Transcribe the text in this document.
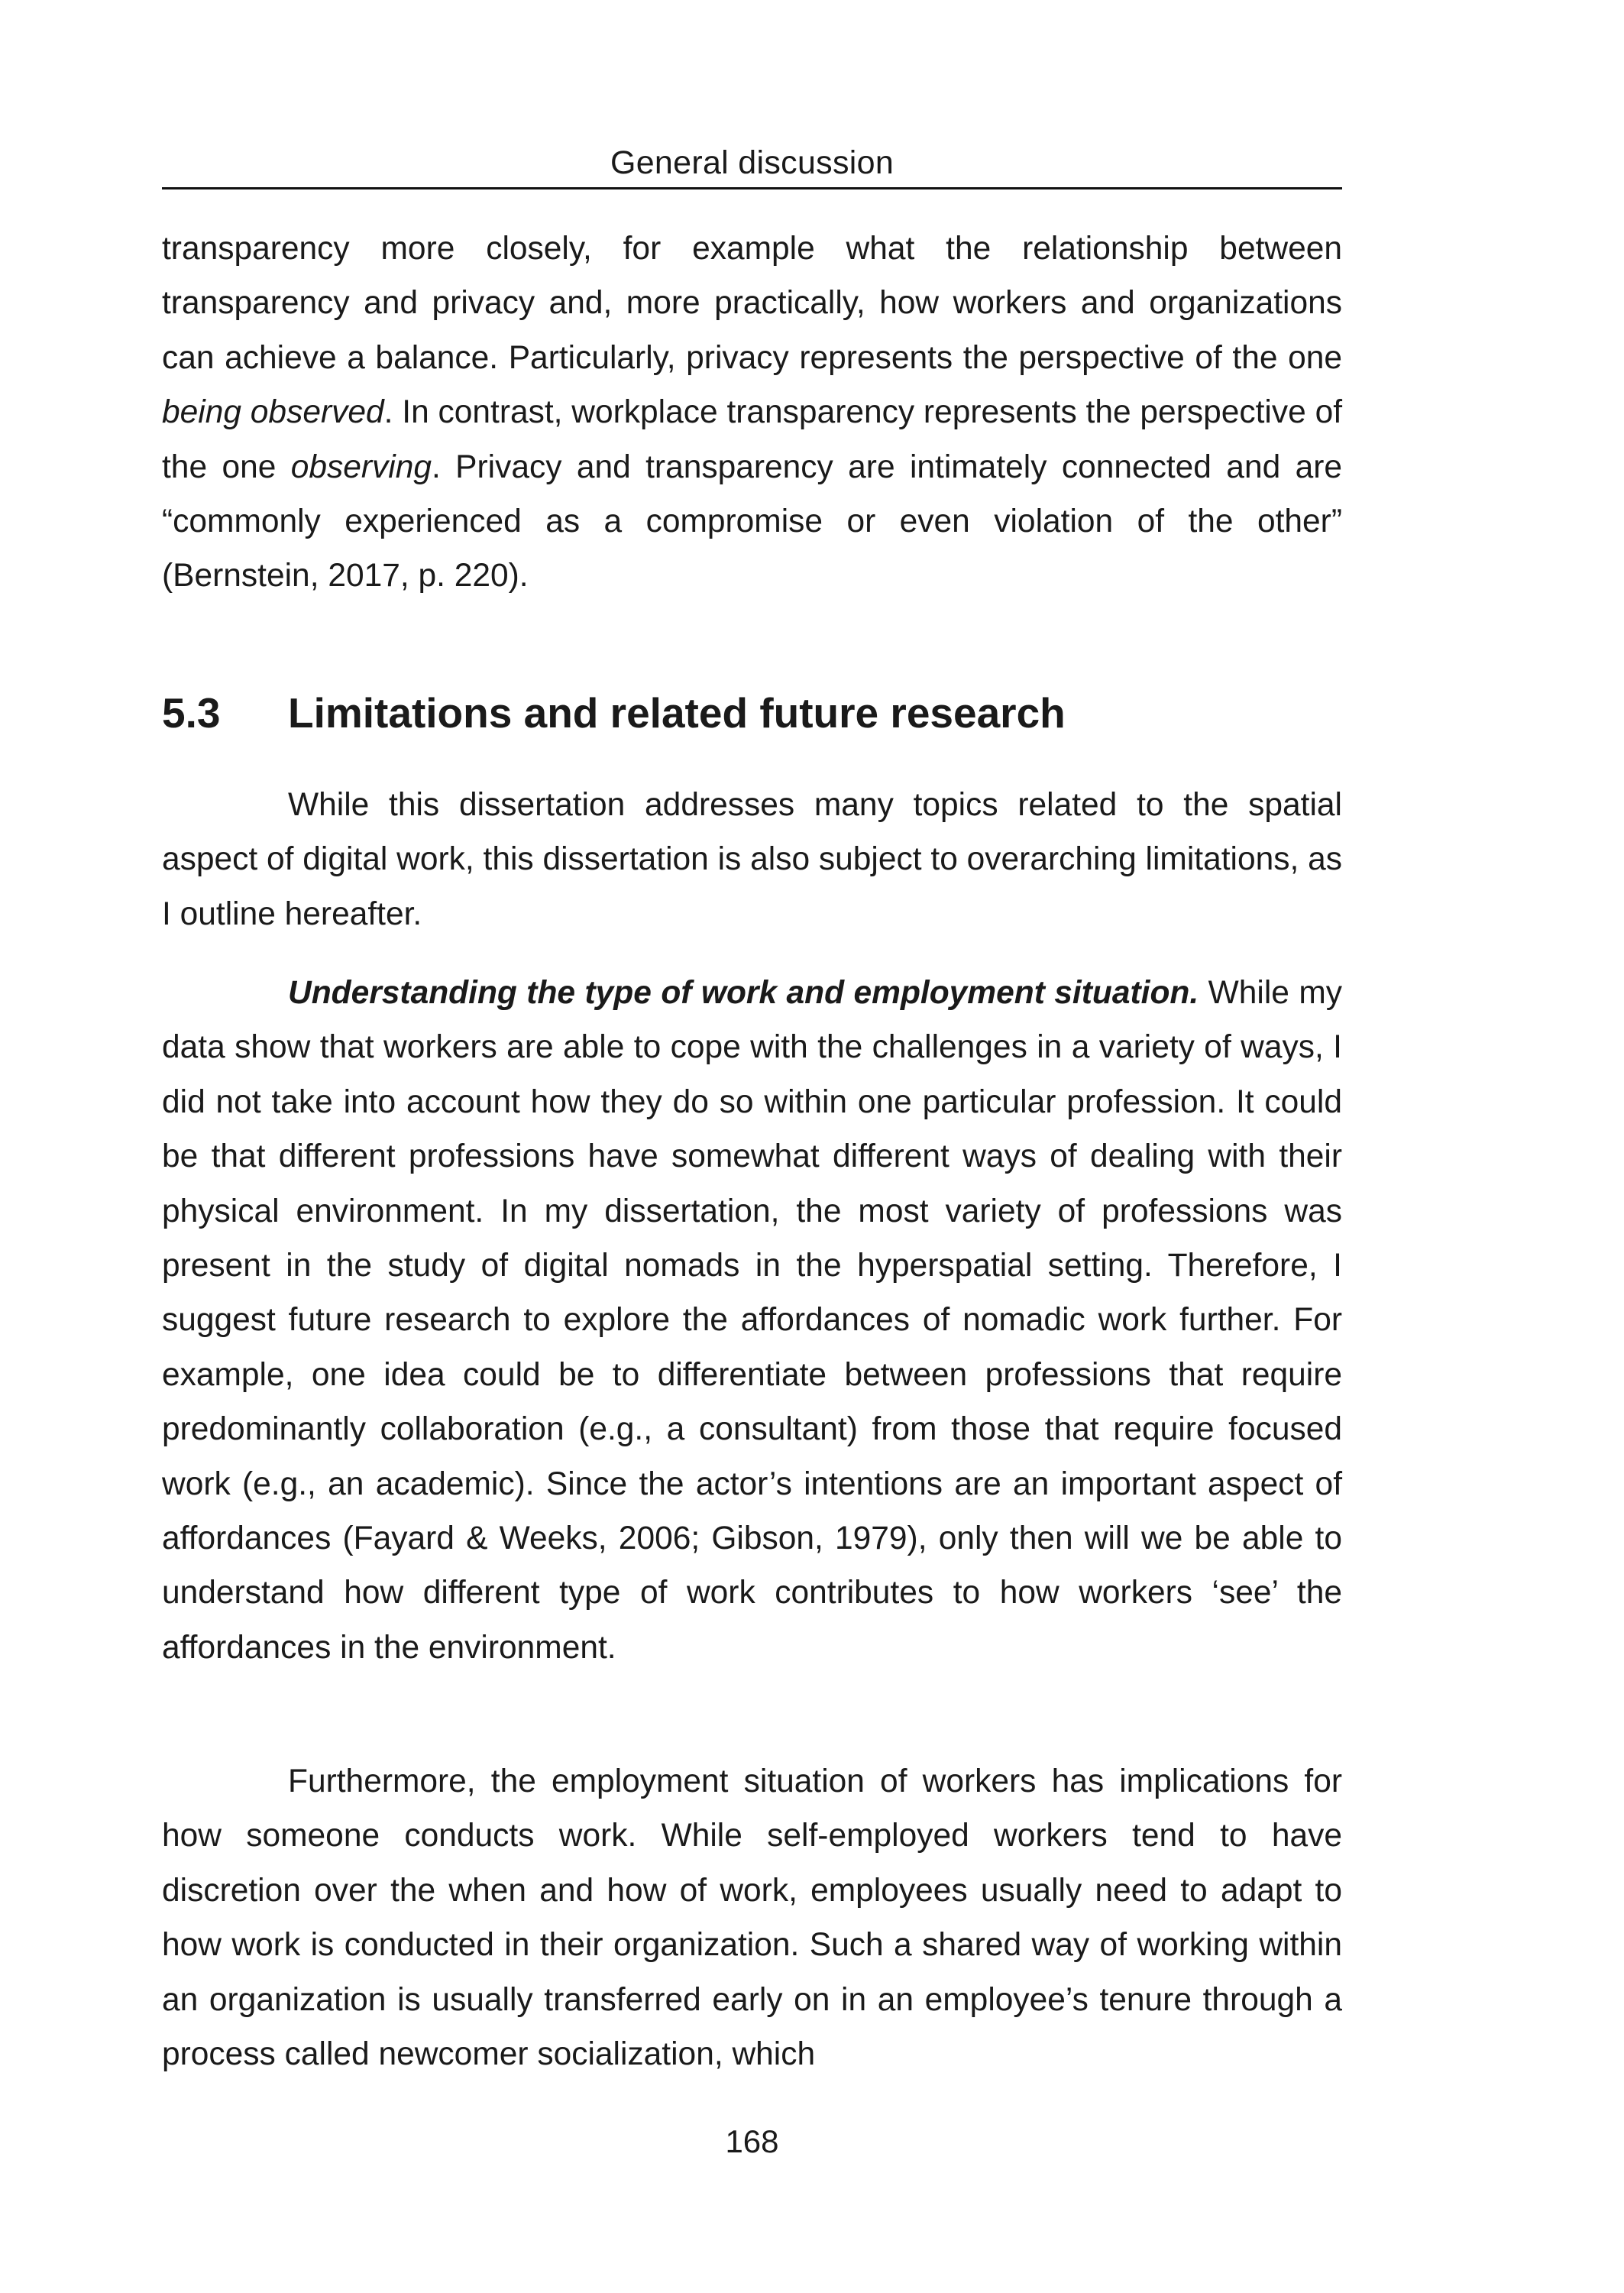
General discussion

transparency more closely, for example what the relationship between transparency and privacy and, more practically, how workers and organizations can achieve a balance. Particularly, privacy represents the perspective of the one being observed. In contrast, workplace transparency represents the perspective of the one observing. Privacy and transparency are intimately connected and are “commonly experienced as a compromise or even violation of the other” (Bernstein, 2017, p. 220).

5.3 Limitations and related future research

While this dissertation addresses many topics related to the spatial aspect of digital work, this dissertation is also subject to overarching limitations, as I outline hereafter.

Understanding the type of work and employment situation. While my data show that workers are able to cope with the challenges in a variety of ways, I did not take into account how they do so within one particular profession. It could be that different professions have somewhat different ways of dealing with their physical environment. In my dissertation, the most variety of professions was present in the study of digital nomads in the hyperspatial setting. Therefore, I suggest future research to explore the affordances of nomadic work further. For example, one idea could be to differentiate between professions that require predominantly collaboration (e.g., a consultant) from those that require focused work (e.g., an academic). Since the actor’s intentions are an important aspect of affordances (Fayard & Weeks, 2006; Gibson, 1979), only then will we be able to understand how different type of work contributes to how workers ‘see’ the affordances in the environment.

Furthermore, the employment situation of workers has implications for how someone conducts work. While self-employed workers tend to have discretion over the when and how of work, employees usually need to adapt to how work is conducted in their organization. Such a shared way of working within an organization is usually transferred early on in an employee’s tenure through a process called newcomer socialization, which

168
